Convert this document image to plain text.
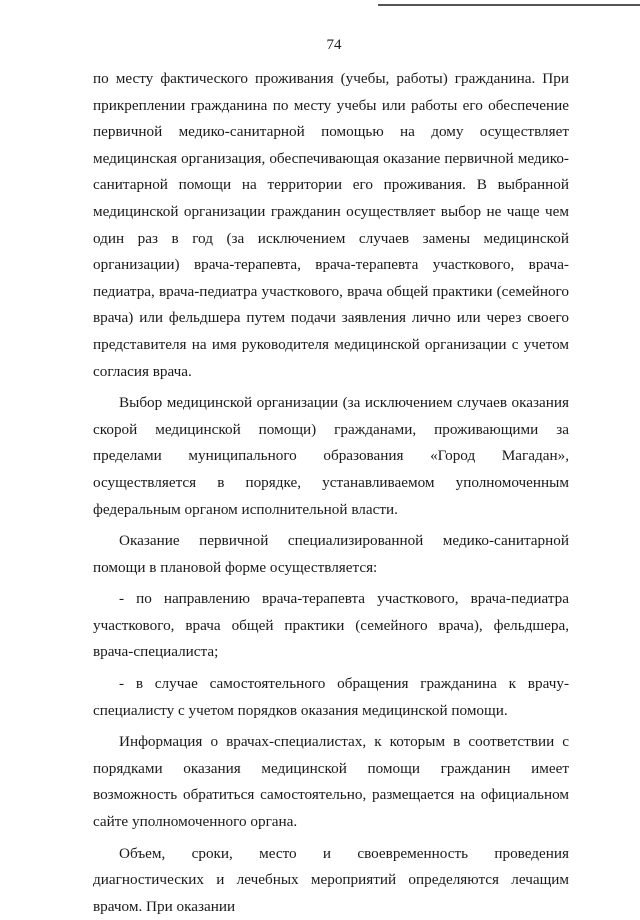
74

по месту фактического проживания (учебы, работы) гражданина. При прикреплении гражданина по месту учебы или работы его обеспечение первичной медико-санитарной помощью на дому осуществляет медицинская организация, обеспечивающая оказание первичной медико-санитарной помощи на территории его проживания. В выбранной медицинской организации гражданин осуществляет выбор не чаще чем один раз в год (за исключением случаев замены медицинской организации) врача-терапевта, врача-терапевта участкового, врача-педиатра, врача-педиатра участкового, врача общей практики (семейного врача) или фельдшера путем подачи заявления лично или через своего представителя на имя руководителя медицинской организации с учетом согласия врача.

Выбор медицинской организации (за исключением случаев оказания скорой медицинской помощи) гражданами, проживающими за пределами муниципального образования «Город Магадан», осуществляется в порядке, устанавливаемом уполномоченным федеральным органом исполнительной власти.

Оказание первичной специализированной медико-санитарной помощи в плановой форме осуществляется:

- по направлению врача-терапевта участкового, врача-педиатра участкового, врача общей практики (семейного врача), фельдшера, врача-специалиста;

- в случае самостоятельного обращения гражданина к врачу-специалисту с учетом порядков оказания медицинской помощи.

Информация о врачах-специалистах, к которым в соответствии с порядками оказания медицинской помощи гражданин имеет возможность обратиться самостоятельно, размещается на официальном сайте уполномоченного органа.

Объем, сроки, место и своевременность проведения диагностических и лечебных мероприятий определяются лечащим врачом. При оказании
